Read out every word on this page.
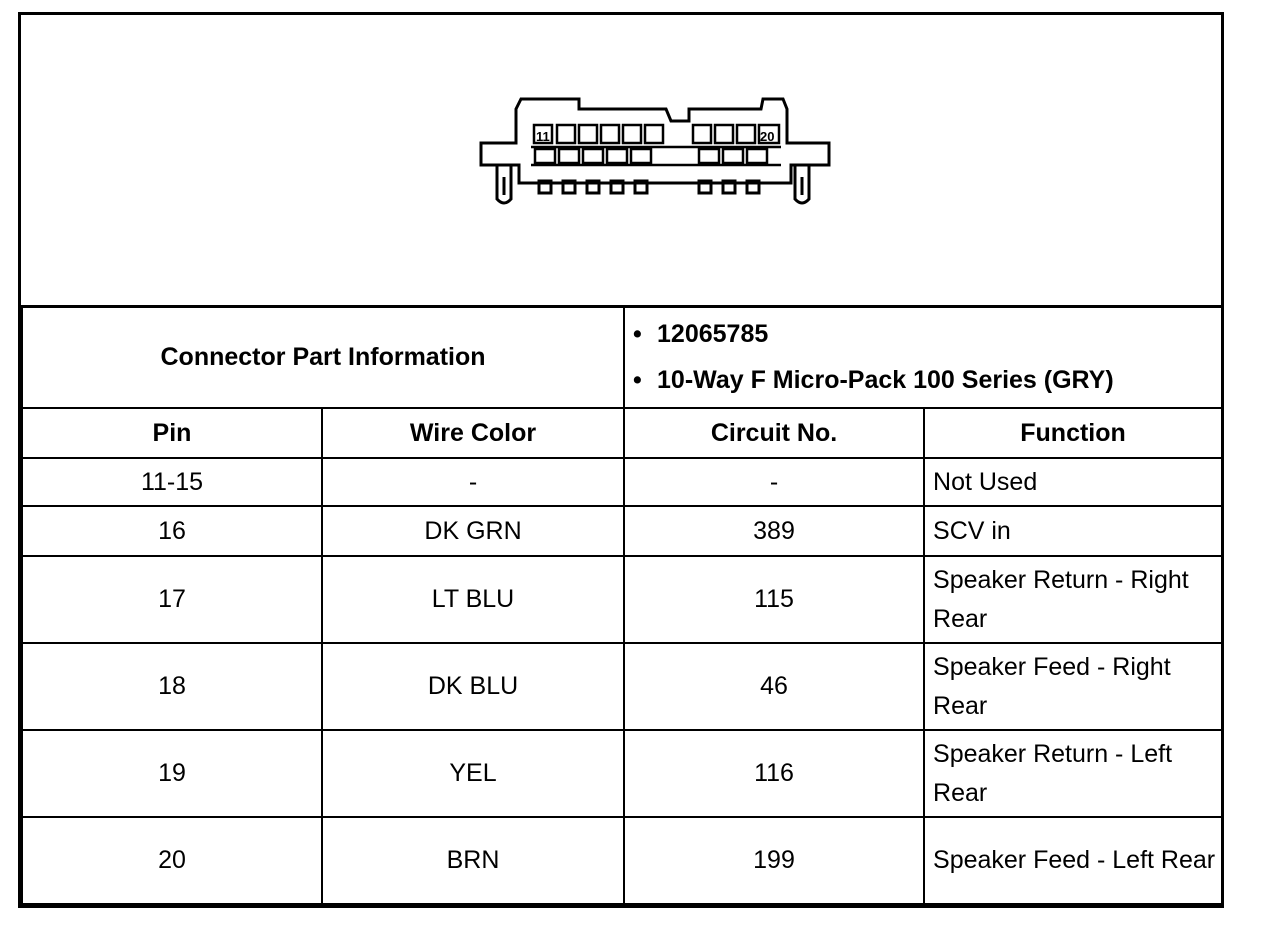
11	20
Connector Part Information		• 12065785
• 10-Way F Micro-Pack 100 Series (GRY)	

Pin	Wire Color	Circuit No.	Function
11-15	-	-	Not Used
16	DK GRN	389	SCV in
17	LT BLU	115	Speaker Return - Right Rear
18	DK BLU	46	Speaker Feed - Right Rear
19	YEL	116	Speaker Return - Left Rear
20	BRN	199	Speaker Feed - Left Rear
